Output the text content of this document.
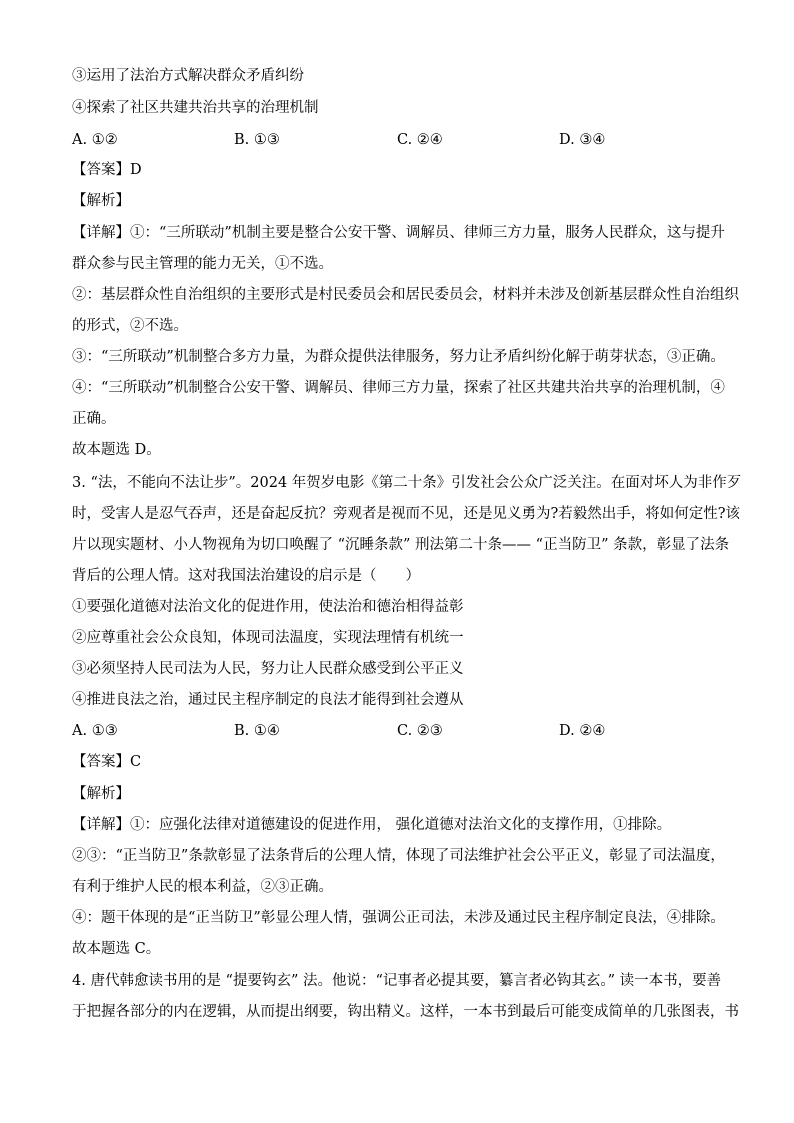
③运用了法治方式解决群众矛盾纠纷
④探索了社区共建共治共享的治理机制
A. ①②	B. ①③	C. ②④	D. ③④
【答案】D
【解析】
【详解】①：“三所联动”机制主要是整合公安干警、调解员、律师三方力量，服务人民群众，这与提升
群众参与民主管理的能力无关，①不选。
②：基层群众性自治组织的主要形式是村民委员会和居民委员会，材料并未涉及创新基层群众性自治组织
的形式，②不选。
③：“三所联动”机制整合多方力量，为群众提供法律服务，努力让矛盾纠纷化解于萌芽状态，③正确。
④：“三所联动”机制整合公安干警、调解员、律师三方力量，探索了社区共建共治共享的治理机制，④
正确。
故本题选 D。
3. “法，不能向不法让步”。2024 年贺岁电影《第二十条》引发社会公众广泛关注。在面对坏人为非作歹
时，受害人是忍气吞声，还是奋起反抗？旁观者是视而不见，还是见义勇为?若毅然出手，将如何定性?该
片以现实题材、小人物视角为切口唤醒了 “沉睡条款” 刑法第二十条—— “正当防卫” 条款，彰显了法条
背后的公理人情。这对我国法治建设的启示是（　　）
①要强化道德对法治文化的促进作用，使法治和德治相得益彰
②应尊重社会公众良知，体现司法温度，实现法理情有机统一
③必须坚持人民司法为人民，努力让人民群众感受到公平正义
④推进良法之治，通过民主程序制定的良法才能得到社会遵从
A. ①③	B. ①④	C. ②③	D. ②④
【答案】C
【解析】
【详解】①：应强化法律对道德建设的促进作用， 强化道德对法治文化的支撑作用，①排除。
②③：“正当防卫”条款彰显了法条背后的公理人情，体现了司法维护社会公平正义，彰显了司法温度，
有利于维护人民的根本利益，②③正确。
④：题干体现的是“正当防卫”彰显公理人情，强调公正司法，未涉及通过民主程序制定良法，④排除。
故本题选 C。
4. 唐代韩愈读书用的是 “提要钩玄” 法。他说：“记事者必提其要，纂言者必钩其玄。” 读一本书，要善
于把握各部分的内在逻辑，从而提出纲要，钩出精义。这样，一本书到最后可能变成简单的几张图表，书
